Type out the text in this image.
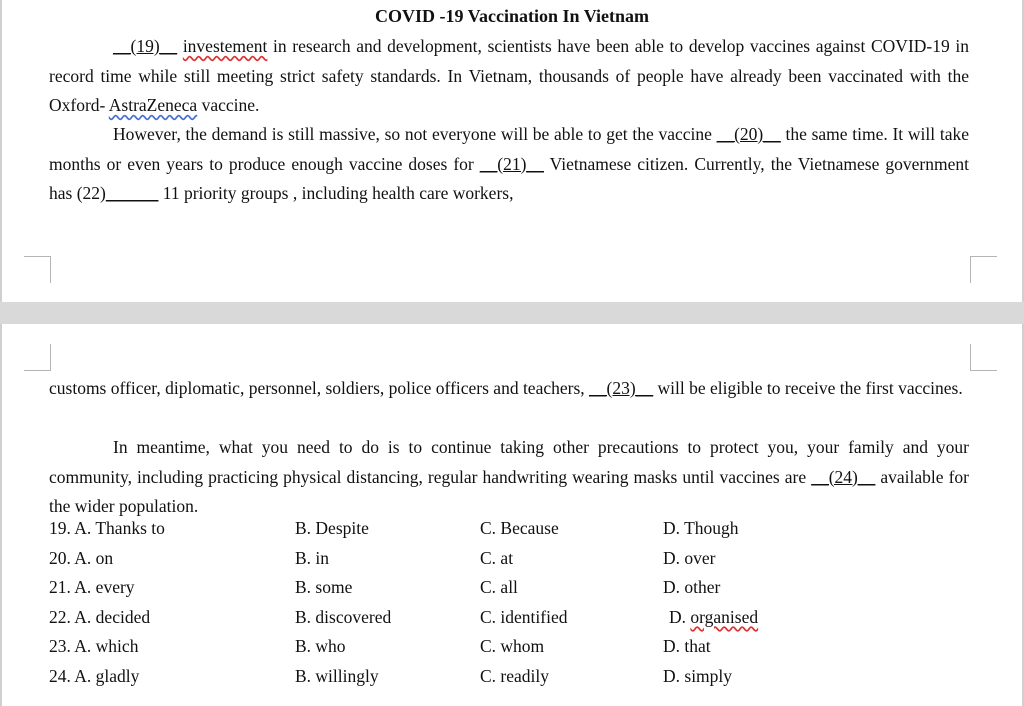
COVID -19 Vaccination In Vietnam
__(19)__ investement in research and development, scientists have been able to develop vaccines against COVID-19 in record time while still meeting strict safety standards. In Vietnam, thousands of people have already been vaccinated with the Oxford- AstraZeneca vaccine.
However, the demand is still massive, so not everyone will be able to get the vaccine __(20)__ the same time. It will take months or even years to produce enough vaccine doses for __(21)__ Vietnamese citizen. Currently, the Vietnamese government has (22)______ 11 priority groups , including health care workers,
customs officer, diplomatic, personnel, soldiers, police officers and teachers, __(23)__ will be eligible to receive the first vaccines.
In meantime, what you need to do is to continue taking other precautions to protect you, your family and your community, including practicing physical distancing, regular handwriting wearing masks until vaccines are __(24)__ available for the wider population.
19. A. Thanks to	B. Despite	C. Because	D. Though
20. A. on	B. in	C. at	D. over
21. A. every	B. some	C. all	D. other
22. A. decided	B. discovered	C. identified	D. organised
23. A. which	B. who	C. whom	D. that
24. A. gladly	B. willingly	C. readily	D. simply
